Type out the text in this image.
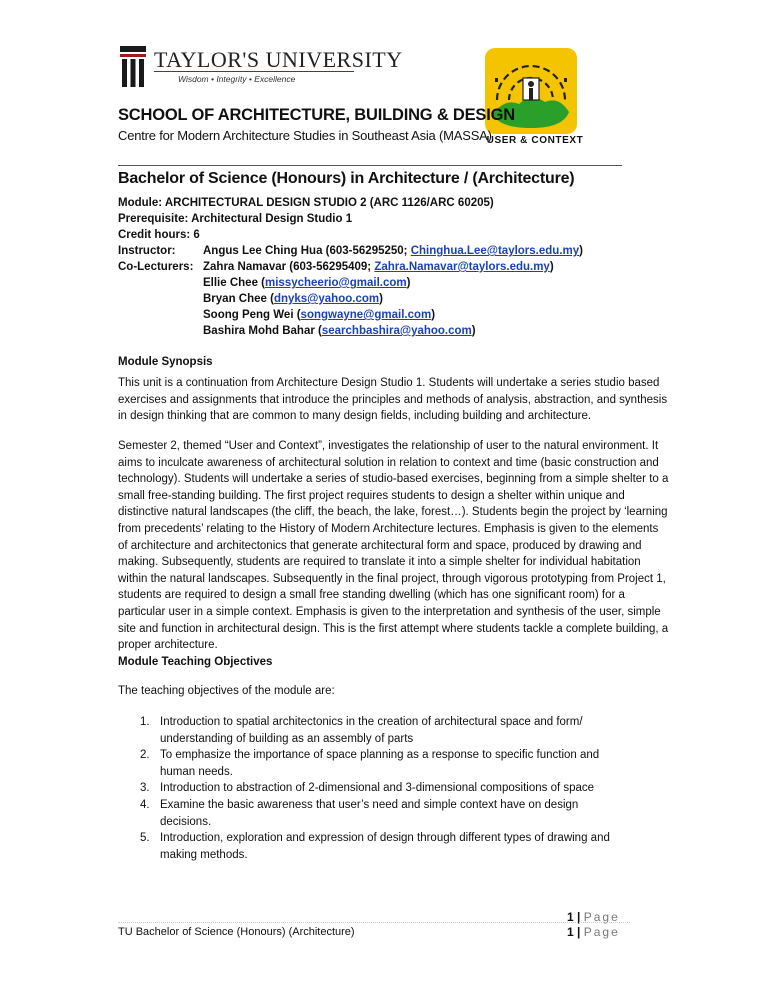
TAYLOR'S UNIVERSITY
Wisdom • Integrity • Excellence
USER & CONTEXT
SCHOOL OF ARCHITECTURE, BUILDING & DESIGN
Centre for Modern Architecture Studies in Southeast Asia (MASSA)
Bachelor of Science (Honours) in Architecture / (Architecture)
Module: ARCHITECTURAL DESIGN STUDIO 2 (ARC 1126/ARC 60205)
Prerequisite: Architectural Design Studio 1
Credit hours: 6
Instructor: Angus Lee Ching Hua (603-56295250; Chinghua.Lee@taylors.edu.my)
Co-Lecturers: Zahra Namavar (603-56295409; Zahra.Namavar@taylors.edu.my)
Ellie Chee (missycheerio@gmail.com)
Bryan Chee (dnyks@yahoo.com)
Soong Peng Wei (songwayne@gmail.com)
Bashira Mohd Bahar (searchbashira@yahoo.com)
Module Synopsis
This unit is a continuation from Architecture Design Studio 1. Students will undertake a series studio based
exercises and assignments that introduce the principles and methods of analysis, abstraction, and synthesis
in design thinking that are common to many design fields, including building and architecture.
Semester 2, themed “User and Context”, investigates the relationship of user to the natural environment. It
aims to inculcate awareness of architectural solution in relation to context and time (basic construction and
technology). Students will undertake a series of studio-based exercises, beginning from a simple shelter to a
small free-standing building. The first project requires students to design a shelter within unique and
distinctive natural landscapes (the cliff, the beach, the lake, forest…). Students begin the project by ‘learning
from precedents’ relating to the History of Modern Architecture lectures. Emphasis is given to the elements
of architecture and architectonics that generate architectural form and space, produced by drawing and
making. Subsequently, students are required to translate it into a simple shelter for individual habitation
within the natural landscapes. Subsequently in the final project, through vigorous prototyping from Project 1,
students are required to design a small free standing dwelling (which has one significant room) for a
particular user in a simple context. Emphasis is given to the interpretation and synthesis of the user, simple
site and function in architectural design. This is the first attempt where students tackle a complete building, a
proper architecture.
Module Teaching Objectives
The teaching objectives of the module are:
1. Introduction to spatial architectonics in the creation of architectural space and form/ understanding of building as an assembly of parts
2. To emphasize the importance of space planning as a response to specific function and human needs.
3. Introduction to abstraction of 2-dimensional and 3-dimensional compositions of space
4. Examine the basic awareness that user’s need and simple context have on design decisions.
5. Introduction, exploration and expression of design through different types of drawing and making methods.
1 | Page
TU Bachelor of Science (Honours) (Architecture)	1 | Page
